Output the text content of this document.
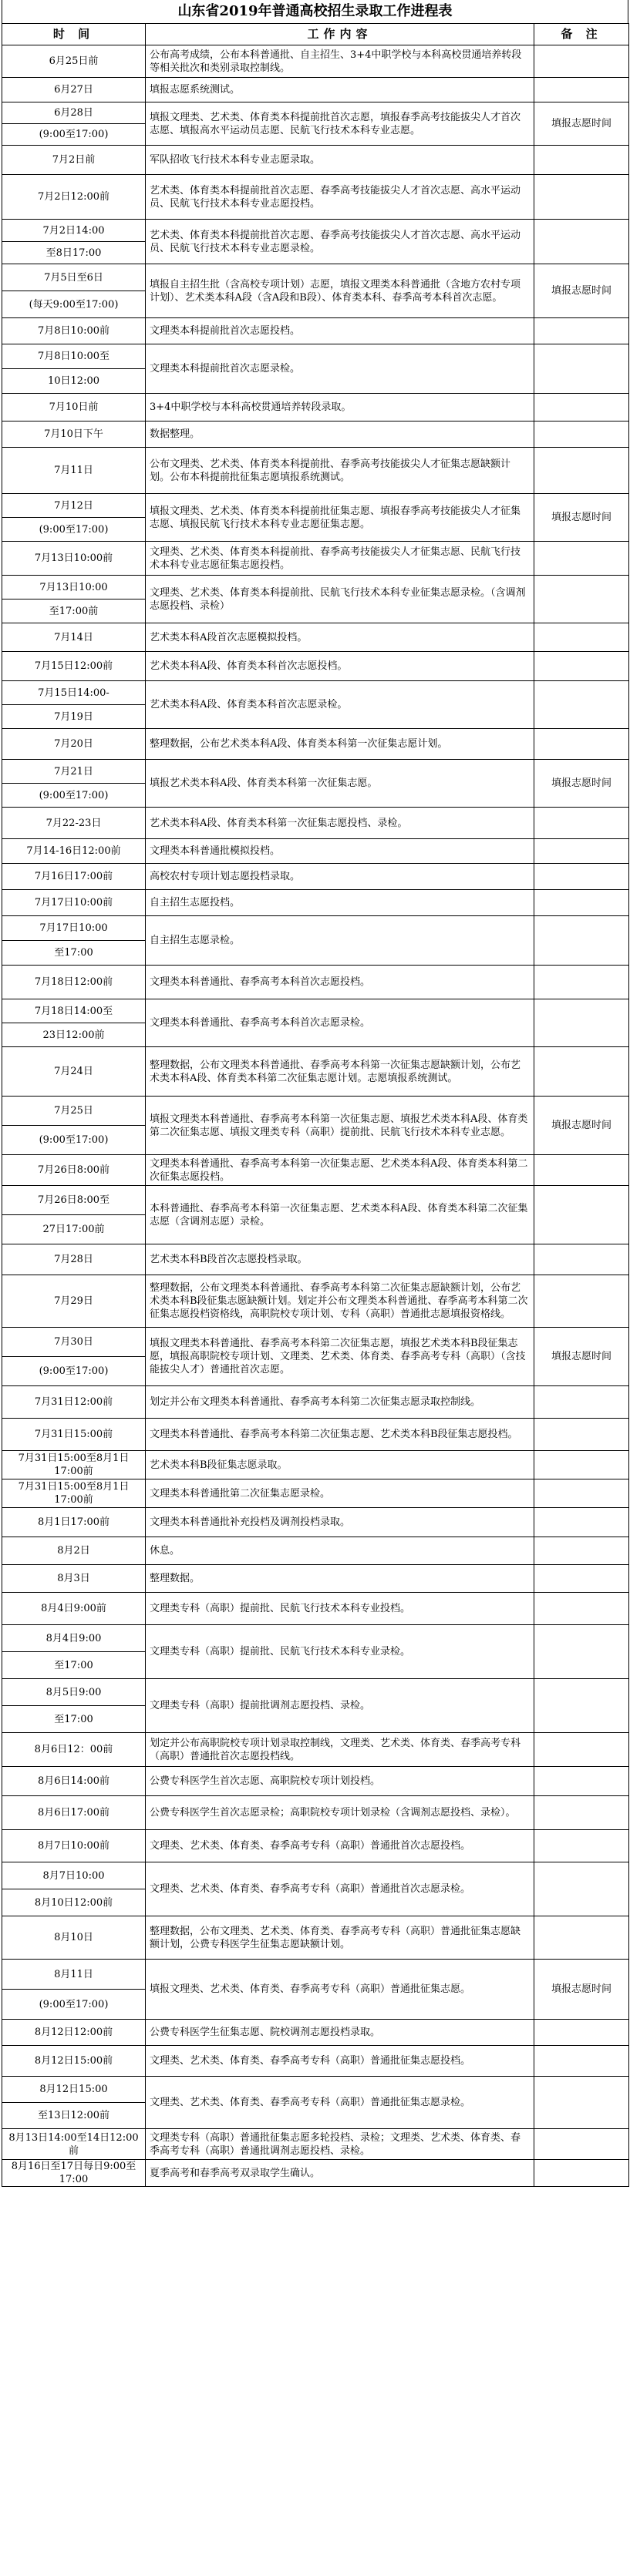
山东省2019年普通高校招生录取工作进程表
时 间	工作内容	备 注

6月25日前	公布高考成绩，公布本科普通批、自主招生、3+4中职学校与本科高校贯通培养转段等相关批次和类别录取控制线。	

6月27日	填报志愿系统测试。	

6月28日	填报文理类、艺术类、体育类本科提前批首次志愿，填报春季高考技能拔尖人才首次志愿、填报高水平运动员志愿、民航飞行技术本科专业志愿。	填报志愿时间

(9:00至17:00)		

7月2日前	军队招收飞行技术本科专业志愿录取。	

7月2日12:00前	艺术类、体育类本科提前批首次志愿、春季高考技能拔尖人才首次志愿、高水平运动员、民航飞行技术本科专业志愿投档。	

7月2日14:00	艺术类、体育类本科提前批首次志愿、春季高考技能拔尖人才首次志愿、高水平运动员、民航飞行技术本科专业志愿录检。	

至8日17:00		

7月5日至6日	填报自主招生批（含高校专项计划）志愿，填报文理类本科普通批（含地方农村专项计划）、艺术类本科A段（含A段和B段）、体育类本科、春季高考本科首次志愿。	填报志愿时间

(每天9:00至17:00)		

7月8日10:00前	文理类本科提前批首次志愿投档。	

7月8日10:00至	文理类本科提前批首次志愿录检。	

10日12:00		

7月10日前	3+4中职学校与本科高校贯通培养转段录取。	

7月10日下午	数据整理。	

7月11日	公布文理类、艺术类、体育类本科提前批、春季高考技能拔尖人才征集志愿缺额计划。公布本科提前批征集志愿填报系统测试。	

7月12日	填报文理类、艺术类、体育类本科提前批征集志愿、填报春季高考技能拔尖人才征集志愿、填报民航飞行技术本科专业志愿征集志愿。	填报志愿时间

(9:00至17:00)		

7月13日10:00前	文理类、艺术类、体育类本科提前批、春季高考技能拔尖人才征集志愿、民航飞行技术本科专业志愿征集志愿投档。	

7月13日10:00	文理类、艺术类、体育类本科提前批、民航飞行技术本科专业征集志愿录检。（含调剂志愿投档、录检）	

至17:00前		

7月14日	艺术类本科A段首次志愿模拟投档。	

7月15日12:00前	艺术类本科A段、体育类本科首次志愿投档。	

7月15日14:00-	艺术类本科A段、体育类本科首次志愿录检。	

7月19日		

7月20日	整理数据，公布艺术类本科A段、体育类本科第一次征集志愿计划。	

7月21日	填报艺术类本科A段、体育类本科第一次征集志愿。	填报志愿时间

(9:00至17:00)		

7月22-23日	艺术类本科A段、体育类本科第一次征集志愿投档、录检。	

7月14-16日12:00前	文理类本科普通批模拟投档。	

7月16日17:00前	高校农村专项计划志愿投档录取。	

7月17日10:00前	自主招生志愿投档。	

7月17日10:00	自主招生志愿录检。	

至17:00		

7月18日12:00前	文理类本科普通批、春季高考本科首次志愿投档。	

7月18日14:00至	文理类本科普通批、春季高考本科首次志愿录检。	

23日12:00前		

7月24日	整理数据，公布文理类本科普通批、春季高考本科第一次征集志愿缺额计划，公布艺术类本科A段、体育类本科第二次征集志愿计划。志愿填报系统测试。	

7月25日	填报文理类本科普通批、春季高考本科第一次征集志愿、填报艺术类本科A段、体育类第二次征集志愿、填报文理类专科（高职）提前批、民航飞行技术本科专业志愿。	填报志愿时间

(9:00至17:00)		

7月26日8:00前	文理类本科普通批、春季高考本科第一次征集志愿、艺术类本科A段、体育类本科第二次征集志愿投档。	

7月26日8:00至	本科普通批、春季高考本科第一次征集志愿、艺术类本科A段、体育类本科第二次征集志愿（含调剂志愿）录检。	

27日17:00前		

7月28日	艺术类本科B段首次志愿投档录取。	

7月29日	整理数据，公布文理类本科普通批、春季高考本科第二次征集志愿缺额计划，公布艺术类本科B段征集志愿缺额计划。划定并公布文理类本科普通批、春季高考本科第二次征集志愿投档资格线，高职院校专项计划、专科（高职）普通批志愿填报资格线。	

7月30日	填报文理类本科普通批、春季高考本科第二次征集志愿，填报艺术类本科B段征集志愿，填报高职院校专项计划、文理类、艺术类、体育类、春季高考专科（高职）（含技能拔尖人才）普通批首次志愿。	填报志愿时间

(9:00至17:00)		

7月31日12:00前	划定并公布文理类本科普通批、春季高考本科第二次征集志愿录取控制线。	

7月31日15:00前	文理类本科普通批、春季高考本科第二次征集志愿、艺术类本科B段征集志愿投档。	

7月31日15:00至8月1日
17:00前	艺术类本科B段征集志愿录取。	

7月31日15:00至8月1日
17:00前	文理类本科普通批第二次征集志愿录检。	

8月1日17:00前	文理类本科普通批补充投档及调剂投档录取。	

8月2日	休息。	

8月3日	整理数据。	

8月4日9:00前	文理类专科（高职）提前批、民航飞行技术本科专业投档。	

8月4日9:00	文理类专科（高职）提前批、民航飞行技术本科专业录检。	

至17:00		

8月5日9:00	文理类专科（高职）提前批调剂志愿投档、录检。	

至17:00		

8月6日12：00前	划定并公布高职院校专项计划录取控制线，文理类、艺术类、体育类、春季高考专科（高职）普通批首次志愿投档线。	

8月6日14:00前	公费专科医学生首次志愿、高职院校专项计划投档。	

8月6日17:00前	公费专科医学生首次志愿录检；高职院校专项计划录检（含调剂志愿投档、录检）。	

8月7日10:00前	文理类、艺术类、体育类、春季高考专科（高职）普通批首次志愿投档。	

8月7日10:00	文理类、艺术类、体育类、春季高考专科（高职）普通批首次志愿录检。	

8月10日12:00前		

8月10日	整理数据，公布文理类、艺术类、体育类、春季高考专科（高职）普通批征集志愿缺额计划，公费专科医学生征集志愿缺额计划。	

8月11日	填报文理类、艺术类、体育类、春季高考专科（高职）普通批征集志愿。	填报志愿时间

(9:00至17:00)		

8月12日12:00前	公费专科医学生征集志愿、院校调剂志愿投档录取。	

8月12日15:00前	文理类、艺术类、体育类、春季高考专科（高职）普通批征集志愿投档。	

8月12日15:00	文理类、艺术类、体育类、春季高考专科（高职）普通批征集志愿录检。	

至13日12:00前		

8月13日14:00至14日12:00
前	文理类专科（高职）普通批征集志愿多轮投档、录检；文理类、艺术类、体育类、春季高考专科（高职）普通批调剂志愿投档、录检。	

8月16日至17日每日9:00至
17:00	夏季高考和春季高考双录取学生确认。	
